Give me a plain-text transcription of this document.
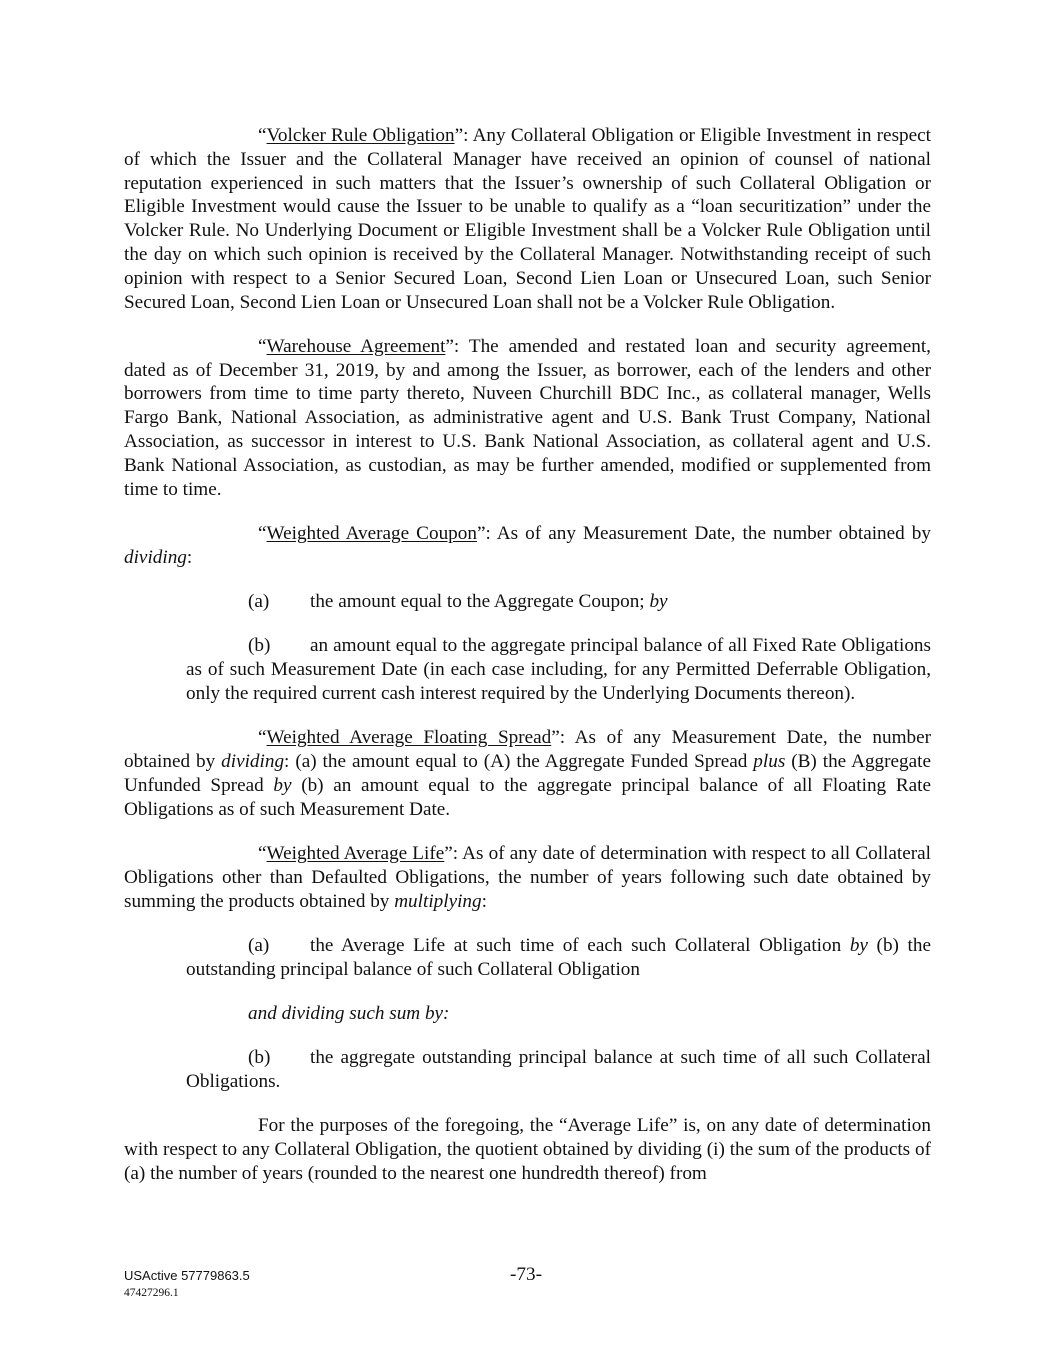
“Volcker Rule Obligation”: Any Collateral Obligation or Eligible Investment in respect of which the Issuer and the Collateral Manager have received an opinion of counsel of national reputation experienced in such matters that the Issuer’s ownership of such Collateral Obligation or Eligible Investment would cause the Issuer to be unable to qualify as a “loan securitization” under the Volcker Rule. No Underlying Document or Eligible Investment shall be a Volcker Rule Obligation until the day on which such opinion is received by the Collateral Manager. Notwithstanding receipt of such opinion with respect to a Senior Secured Loan, Second Lien Loan or Unsecured Loan, such Senior Secured Loan, Second Lien Loan or Unsecured Loan shall not be a Volcker Rule Obligation.

“Warehouse Agreement”: The amended and restated loan and security agreement, dated as of December 31, 2019, by and among the Issuer, as borrower, each of the lenders and other borrowers from time to time party thereto, Nuveen Churchill BDC Inc., as collateral manager, Wells Fargo Bank, National Association, as administrative agent and U.S. Bank Trust Company, National Association, as successor in interest to U.S. Bank National Association, as collateral agent and U.S. Bank National Association, as custodian, as may be further amended, modified or supplemented from time to time.

“Weighted Average Coupon”: As of any Measurement Date, the number obtained by dividing:

(a) the amount equal to the Aggregate Coupon; by

(b) an amount equal to the aggregate principal balance of all Fixed Rate Obligations as of such Measurement Date (in each case including, for any Permitted Deferrable Obligation, only the required current cash interest required by the Underlying Documents thereon).

“Weighted Average Floating Spread”: As of any Measurement Date, the number obtained by dividing: (a) the amount equal to (A) the Aggregate Funded Spread plus (B) the Aggregate Unfunded Spread by (b) an amount equal to the aggregate principal balance of all Floating Rate Obligations as of such Measurement Date.

“Weighted Average Life”: As of any date of determination with respect to all Collateral Obligations other than Defaulted Obligations, the number of years following such date obtained by summing the products obtained by multiplying:

(a) the Average Life at such time of each such Collateral Obligation by (b) the outstanding principal balance of such Collateral Obligation

and dividing such sum by:

(b) the aggregate outstanding principal balance at such time of all such Collateral Obligations.

For the purposes of the foregoing, the “Average Life” is, on any date of determination with respect to any Collateral Obligation, the quotient obtained by dividing (i) the sum of the products of (a) the number of years (rounded to the nearest one hundredth thereof) from

USActive 57779863.5
47427296.1
-73-
